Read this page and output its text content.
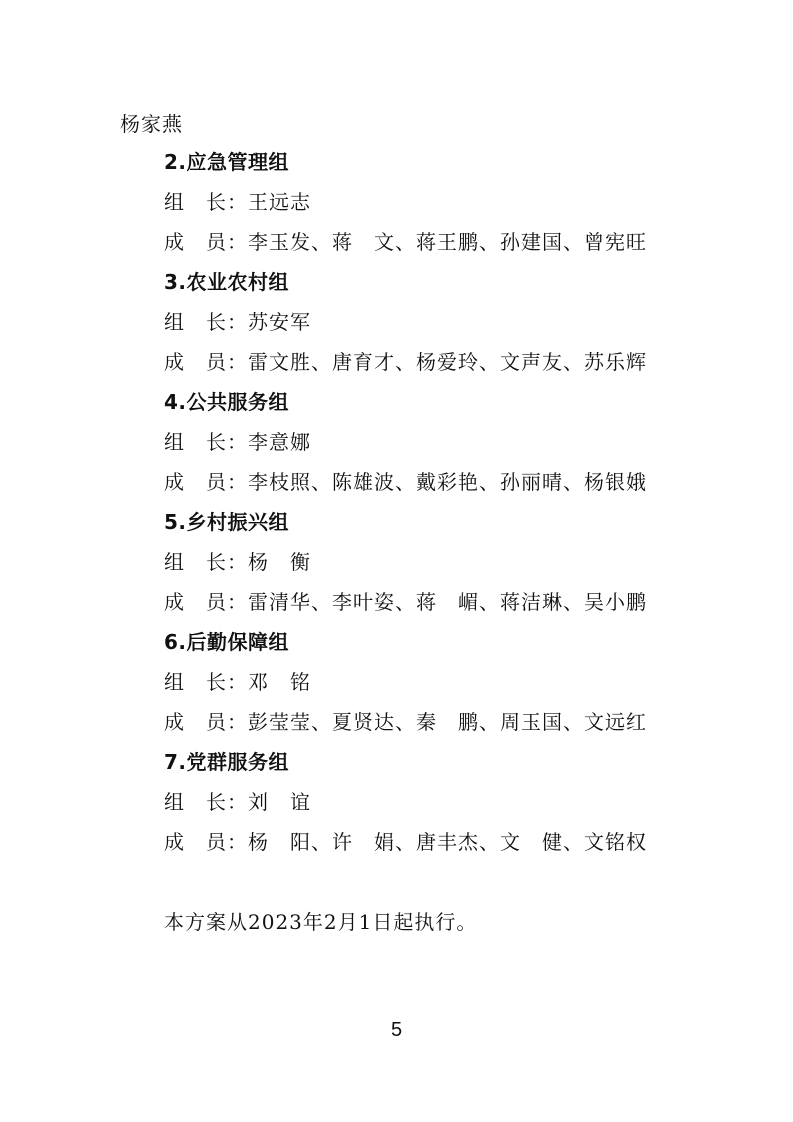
杨家燕
2.应急管理组
组　长：王远志
成　员：李玉发、蒋　文、蒋王鹏、孙建国、曾宪旺
3.农业农村组
组　长：苏安军
成　员：雷文胜、唐育才、杨爱玲、文声友、苏乐辉
4.公共服务组
组　长：李意娜
成　员：李枝照、陈雄波、戴彩艳、孙丽晴、杨银娥
5.乡村振兴组
组　长：杨　衡
成　员：雷清华、李叶姿、蒋　嵋、蒋洁琳、吴小鹏
6.后勤保障组
组　长：邓　铭
成　员：彭莹莹、夏贤达、秦　鹏、周玉国、文远红
7.党群服务组
组　长：刘　谊
成　员：杨　阳、许　娟、唐丰杰、文　健、文铭权
本方案从2023年2月1日起执行。
5
